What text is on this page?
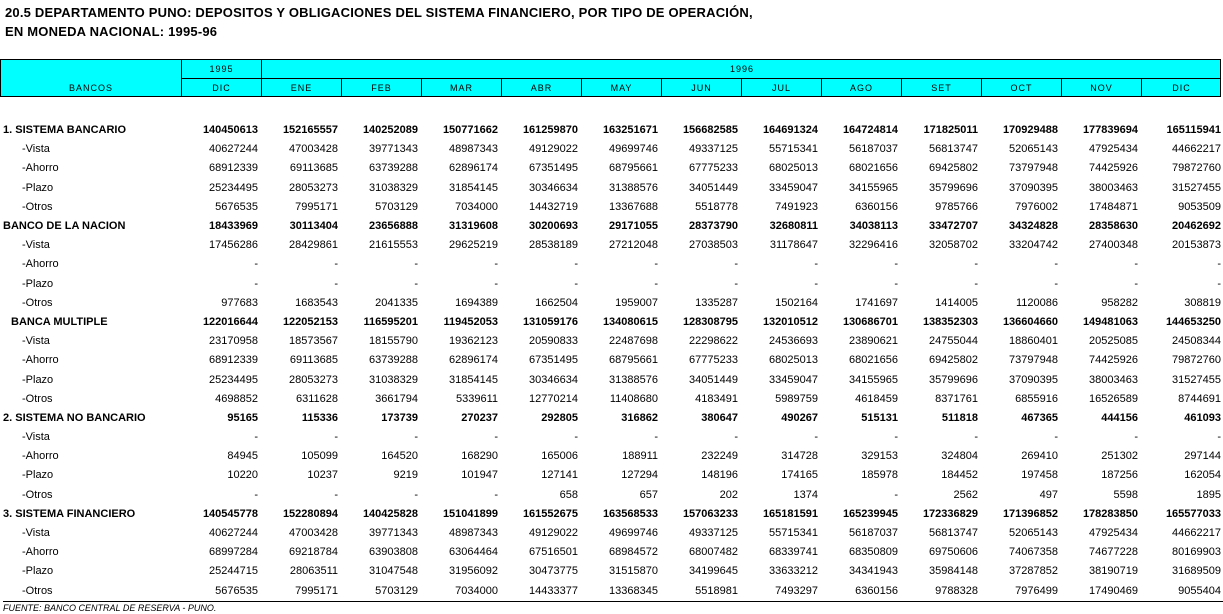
20.5 DEPARTAMENTO PUNO: DEPOSITOS Y OBLIGACIONES DEL SISTEMA FINANCIERO, POR TIPO DE OPERACIÓN,
EN MONEDA NACIONAL: 1995-96
BANCOS
1995	1996
DIC	ENE	FEB	MAR	ABR	MAY	JUN	JUL	AGO	SET	OCT	NOV	DIC
1. SISTEMA BANCARIO	140450613	152165557	140252089	150771662	161259870	163251671	156682585	164691324	164724814	171825011	170929488	177839694	165115941
-Vista	40627244	47003428	39771343	48987343	49129022	49699746	49337125	55715341	56187037	56813747	52065143	47925434	44662217
-Ahorro	68912339	69113685	63739288	62896174	67351495	68795661	67775233	68025013	68021656	69425802	73797948	74425926	79872760
-Plazo	25234495	28053273	31038329	31854145	30346634	31388576	34051449	33459047	34155965	35799696	37090395	38003463	31527455
-Otros	5676535	7995171	5703129	7034000	14432719	13367688	5518778	7491923	6360156	9785766	7976002	17484871	9053509
BANCO DE LA NACION	18433969	30113404	23656888	31319608	30200693	29171055	28373790	32680811	34038113	33472707	34324828	28358630	20462692
-Vista	17456286	28429861	21615553	29625219	28538189	27212048	27038503	31178647	32296416	32058702	33204742	27400348	20153873
-Ahorro	-	-	-	-	-	-	-	-	-	-	-	-	-
-Plazo	-	-	-	-	-	-	-	-	-	-	-	-	-
-Otros	977683	1683543	2041335	1694389	1662504	1959007	1335287	1502164	1741697	1414005	1120086	958282	308819
BANCA MULTIPLE	122016644	122052153	116595201	119452053	131059176	134080615	128308795	132010512	130686701	138352303	136604660	149481063	144653250
-Vista	23170958	18573567	18155790	19362123	20590833	22487698	22298622	24536693	23890621	24755044	18860401	20525085	24508344
-Ahorro	68912339	69113685	63739288	62896174	67351495	68795661	67775233	68025013	68021656	69425802	73797948	74425926	79872760
-Plazo	25234495	28053273	31038329	31854145	30346634	31388576	34051449	33459047	34155965	35799696	37090395	38003463	31527455
-Otros	4698852	6311628	3661794	5339611	12770214	11408680	4183491	5989759	4618459	8371761	6855916	16526589	8744691
2. SISTEMA NO BANCARIO	95165	115336	173739	270237	292805	316862	380647	490267	515131	511818	467365	444156	461093
-Vista	-	-	-	-	-	-	-	-	-	-	-	-	-
-Ahorro	84945	105099	164520	168290	165006	188911	232249	314728	329153	324804	269410	251302	297144
-Plazo	10220	10237	9219	101947	127141	127294	148196	174165	185978	184452	197458	187256	162054
-Otros	-	-	-	-	658	657	202	1374	-	2562	497	5598	1895
3. SISTEMA FINANCIERO	140545778	152280894	140425828	151041899	161552675	163568533	157063233	165181591	165239945	172336829	171396852	178283850	165577033
-Vista	40627244	47003428	39771343	48987343	49129022	49699746	49337125	55715341	56187037	56813747	52065143	47925434	44662217
-Ahorro	68997284	69218784	63903808	63064464	67516501	68984572	68007482	68339741	68350809	69750606	74067358	74677228	80169903
-Plazo	25244715	28063511	31047548	31956092	30473775	31515870	34199645	33633212	34341943	35984148	37287852	38190719	31689509
-Otros	5676535	7995171	5703129	7034000	14433377	13368345	5518981	7493297	6360156	9788328	7976499	17490469	9055404
FUENTE: BANCO CENTRAL DE RESERVA - PUNO.
